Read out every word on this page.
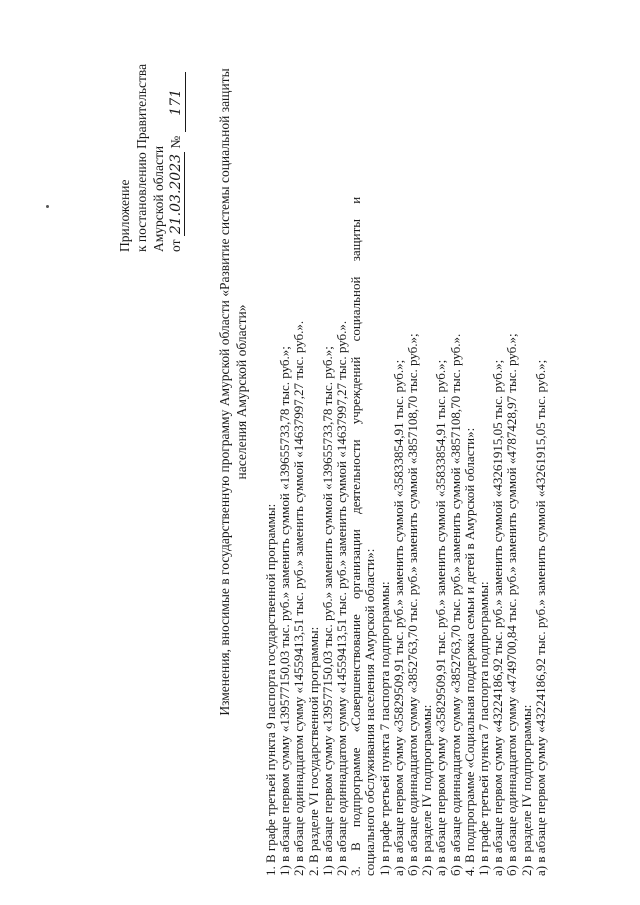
Приложение к постановлению Правительства Амурской области от 21.03.2023 № 171 Изменения, вносимые в государственную программу Амурской области «Развитие системы социальной защиты населения Амурской области»
1. В графе третьей пункта 9 паспорта государственной программы: 1) в абзаце первом сумму «139577150,03 тыс. руб.» заменить суммой «139655733,78 тыс. руб.»; 2) в абзаце одиннадцатом сумму «14559413,51 тыс. руб.» заменить суммой «14637997,27 тыс. руб.». 2. В разделе VI государственной программы: 1) в абзаце первом сумму «139577150,03 тыс. руб.» заменить суммой «139655733,78 тыс. руб.»; 2) в абзаце одиннадцатом сумму «14559413,51 тыс. руб.» заменить суммой «14637997,27 тыс. руб.». 3. В подпрограмме «Совершенствование организации деятельности учреждений социальной защиты и социального обслуживания населения Амурской области»: 1) в графе третьей пункта 7 паспорта подпрограммы: а) в абзаце первом сумму «35829509,91 тыс. руб.» заменить суммой «35833854,91 тыс. руб.»; б) в абзаце одиннадцатом сумму «3852763,70 тыс. руб.» заменить суммой «3857108,70 тыс. руб.»; 2) в разделе IV подпрограммы: а) в абзаце первом сумму «35829509,91 тыс. руб.» заменить суммой «35833854,91 тыс. руб.»; б) в абзаце одиннадцатом сумму «3852763,70 тыс. руб.» заменить суммой «3857108,70 тыс. руб.». 4. В подпрограмме «Социальная поддержка семьи и детей в Амурской области»: 1) в графе третьей пункта 7 паспорта подпрограммы: а) в абзаце первом сумму «43224186,92 тыс. руб.» заменить суммой «43261915,05 тыс. руб.»; б) в абзаце одиннадцатом сумму «4749700,84 тыс. руб.» заменить суммой «4787428,97 тыс. руб.»; 2) в разделе IV подпрограммы: а) в абзаце первом сумму «43224186,92 тыс. руб.» заменить суммой «43261915,05 тыс. руб.»;
